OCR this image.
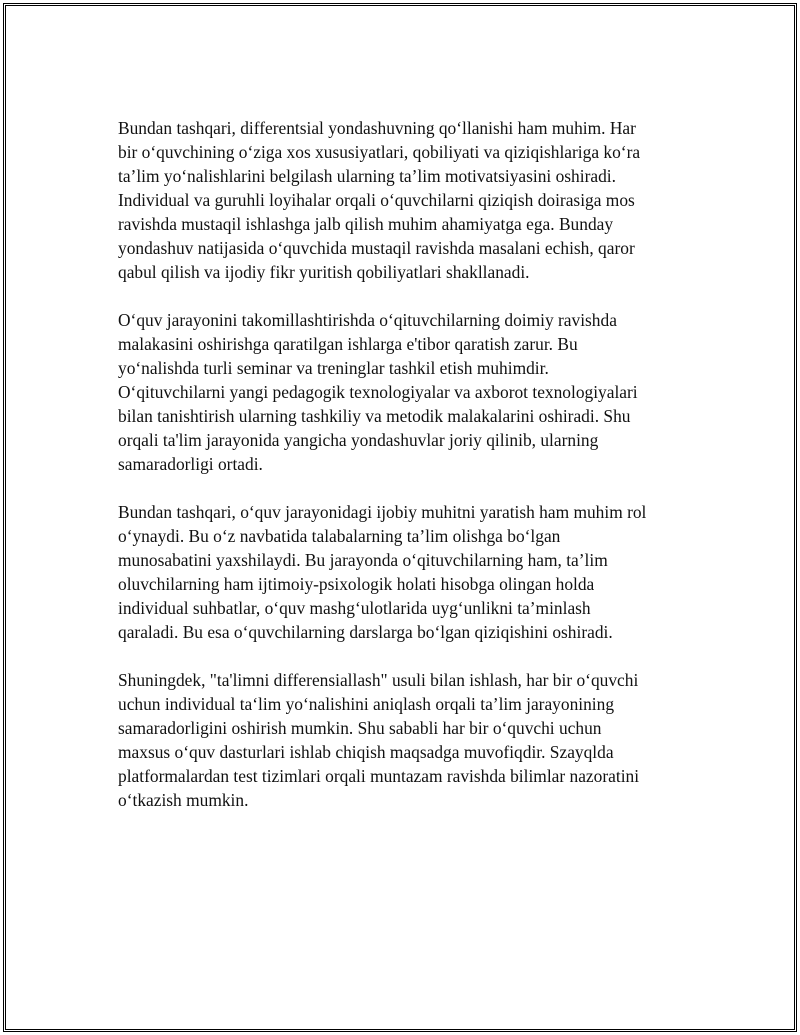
Bundan tashqari, differentsial yondashuvning qo‘llanishi ham muhim. Har
bir o‘quvchining o‘ziga xos xususiyatlari, qobiliyati va qiziqishlariga ko‘ra
ta’lim yo‘nalishlarini belgilash ularning ta’lim motivatsiyasini oshiradi.
Individual va guruhli loyihalar orqali o‘quvchilarni qiziqish doirasiga mos
ravishda mustaqil ishlashga jalb qilish muhim ahamiyatga ega. Bunday
yondashuv natijasida o‘quvchida mustaqil ravishda masalani echish, qaror
qabul qilish va ijodiy fikr yuritish qobiliyatlari shakllanadi.

O‘quv jarayonini takomillashtirishda o‘qituvchilarning doimiy ravishda
malakasini oshirishga qaratilgan ishlarga e'tibor qaratish zarur. Bu
yo‘nalishda turli seminar va treninglar tashkil etish muhimdir.
O‘qituvchilarni yangi pedagogik texnologiyalar va axborot texnologiyalari
bilan tanishtirish ularning tashkiliy va metodik malakalarini oshiradi. Shu
orqali ta'lim jarayonida yangicha yondashuvlar joriy qilinib, ularning
samaradorligi ortadi.

Bundan tashqari, o‘quv jarayonidagi ijobiy muhitni yaratish ham muhim rol
o‘ynaydi. Bu o‘z navbatida talabalarning ta’lim olishga bo‘lgan
munosabatini yaxshilaydi. Bu jarayonda o‘qituvchilarning ham, ta’lim
oluvchilarning ham ijtimoiy-psixologik holati hisobga olingan holda
individual suhbatlar, o‘quv mashg‘ulotlarida uyg‘unlikni ta’minlash
qaraladi. Bu esa o‘quvchilarning darslarga bo‘lgan qiziqishini oshiradi.

Shuningdek, "ta'limni differensiallash" usuli bilan ishlash, har bir o‘quvchi
uchun individual ta‘lim yo‘nalishini aniqlash orqali ta’lim jarayonining
samaradorligini oshirish mumkin. Shu sababli har bir o‘quvchi uchun
maxsus o‘quv dasturlari ishlab chiqish maqsadga muvofiqdir. Szayqlda
platformalardan test tizimlari orqali muntazam ravishda bilimlar nazoratini
o‘tkazish mumkin.
